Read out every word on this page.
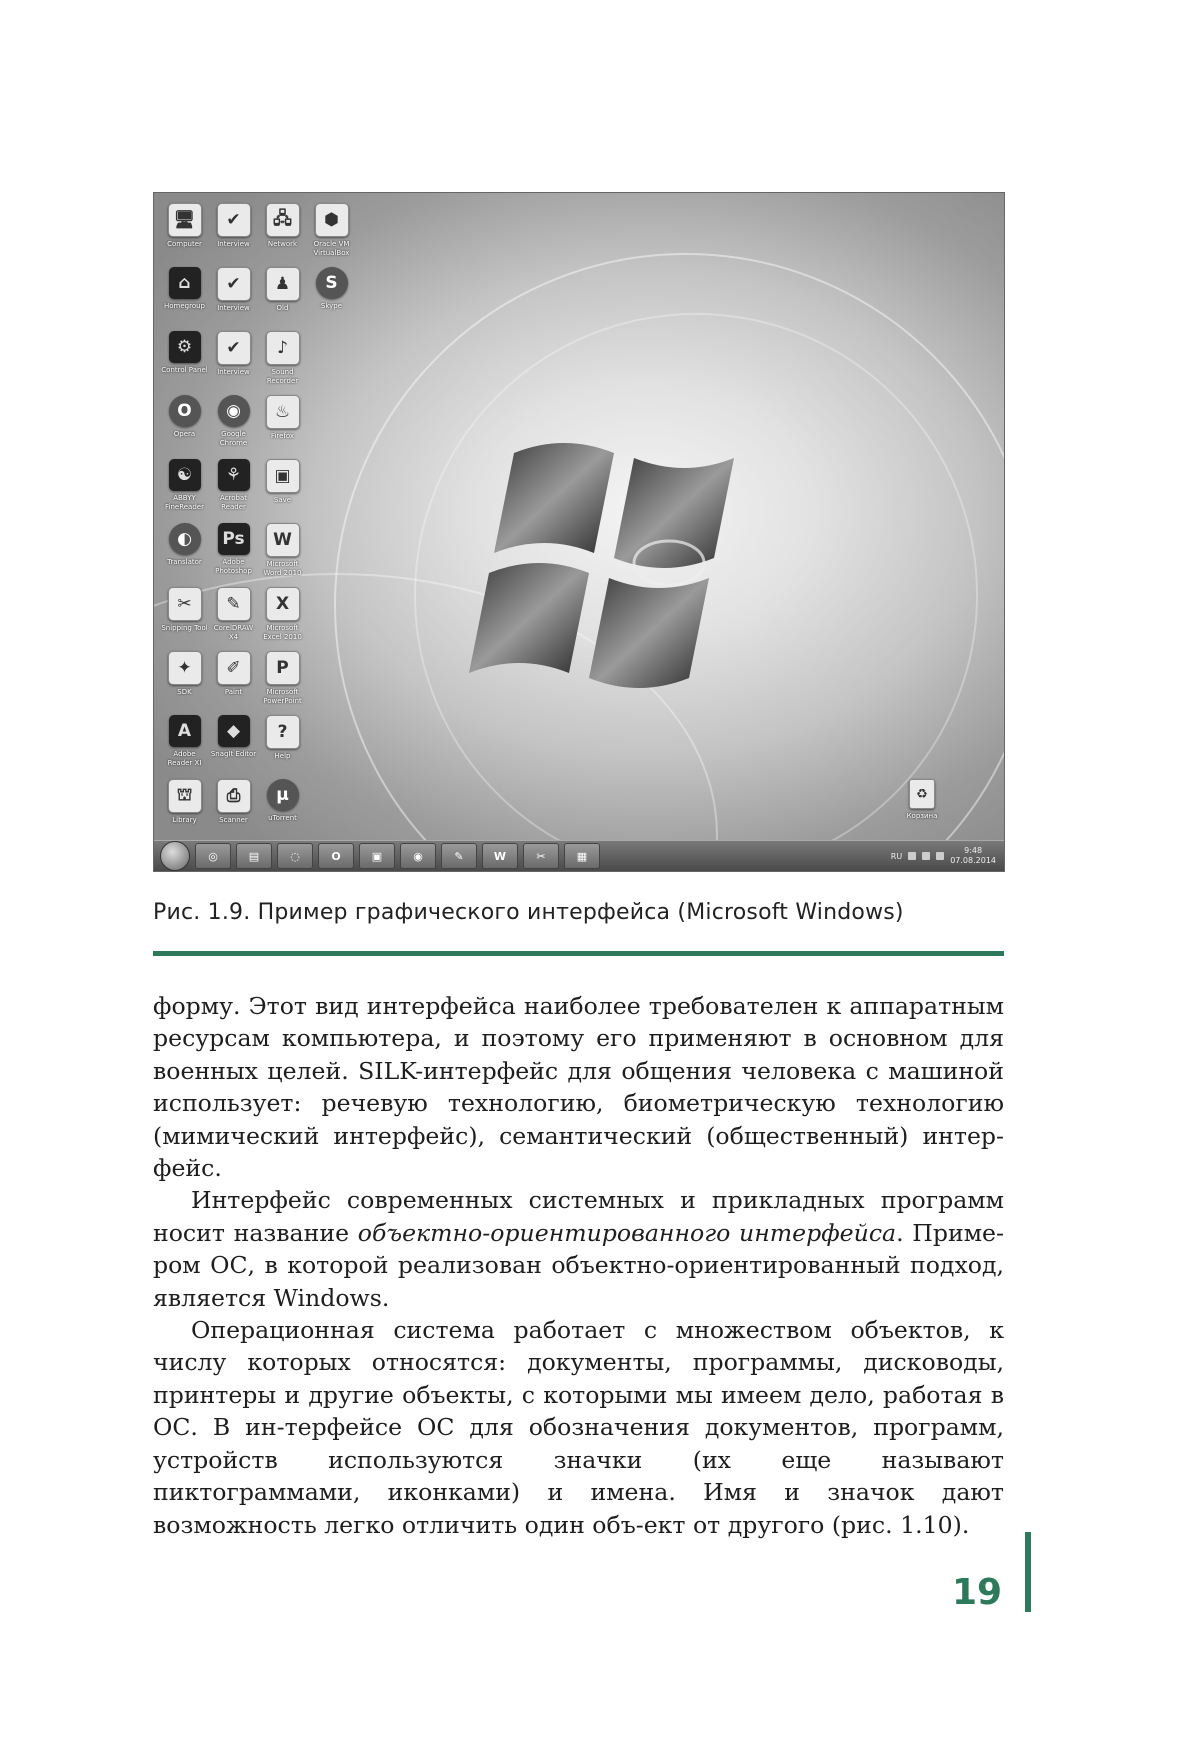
🖥
Computer
✔
Interview
🖧
Network
⬢
Oracle VM VirtualBox
⌂
Homegroup
✔
Interview
♟
Old
S
Skype
⚙
Control Panel
✔
Interview
♪
Sound Recorder
O
Opera
◉
Google Chrome
♨
Firefox
☯
ABBYY FineReader
⚘
Acrobat Reader
▣
Save
◐
Translator
Ps
Adobe Photoshop
W
Microsoft Word 2010
✂
Snipping Tool
✎
CorelDRAW X4
X
Microsoft Excel 2010
✦
SDK
✐
Paint
P
Microsoft PowerPoint
A
Adobe Reader XI
◆
SnagIt Editor
?
Help
⛫
Library
⎙
Scanner
µ
uTorrent
♻
Корзина
◎	▤	◌	O	▣	◉	✎	W	✂	▦	RU
9:48
07.08.2014
Рис. 1.9. Пример графического интерфейса (Microsoft Windows)

форму. Этот вид интерфейса наиболее требователен к аппаратным ресурсам компьютера, и поэтому его применяют в основном для военных целей. SILK-интерфейс для общения человека с машиной использует: речевую технологию, биометрическую технологию (мимический интерфейс), семантический (общественный) интер-фейс.

Интерфейс современных системных и прикладных программ носит название объектно-ориентированного интерфейса. Приме-ром ОС, в которой реализован объектно-ориентированный подход, является Windows.

Операционная система работает с множеством объектов, к числу которых относятся: документы, программы, дисководы, принтеры и другие объекты, с которыми мы имеем дело, работая в ОС. В ин-терфейсе ОС для обозначения документов, программ, устройств используются значки (их еще называют пиктограммами, иконками) и имена. Имя и значок дают возможность легко отличить один объ-ект от другого (рис. 1.10).

19
